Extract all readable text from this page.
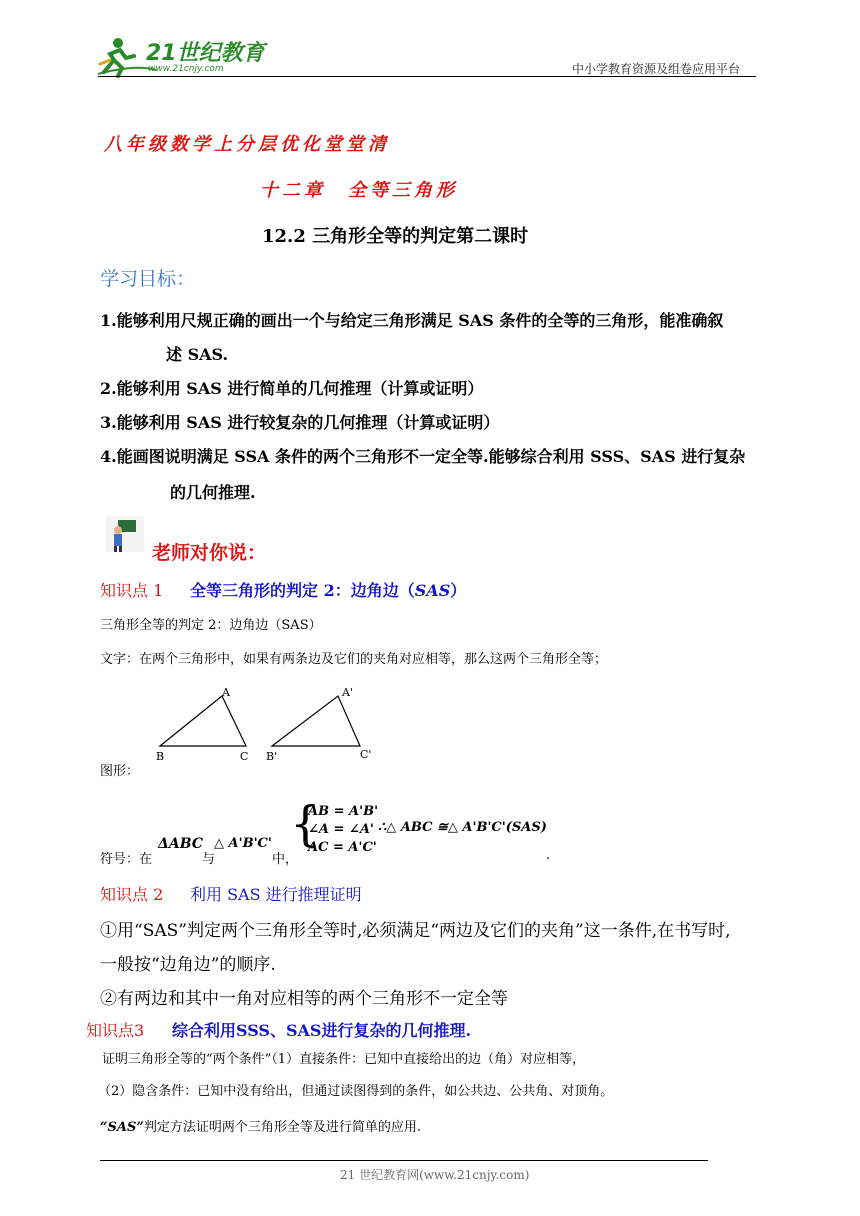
21世纪教育
www.21cnjy.com	中小学教育资源及组卷应用平台
八年级数学上分层优化堂堂清
十二章　全等三角形
12.2 三角形全等的判定第二课时
学习目标：
1.能够利用尺规正确的画出一个与给定三角形满足 SAS 条件的全等的三角形，能准确叙
述 SAS.
2.能够利用 SAS 进行简单的几何推理（计算或证明）
3.能够利用 SAS 进行较复杂的几何推理（计算或证明）
4.能画图说明满足 SSA 条件的两个三角形不一定全等.能够综合利用 SSS、SAS 进行复杂
的几何推理.
老师对你说：
知识点 1 全等三角形的判定 2：边角边（SAS）
三角形全等的判定 2：边角边（SAS）
文字：在两个三角形中，如果有两条边及它们的夹角对应相等，那么这两个三角形全等；
图形：
A
B	C
A'
B'	C'
符号：在
ΔABC
与
△ A'B'C'
中，
{
AB = A'B'
∠A = ∠A'
AC = A'C'
∴△ ABC ≅△ A'B'C'(SAS)
.
知识点 2 利用 SAS 进行推理证明
①用“SAS”判定两个三角形全等时,必须满足“两边及它们的夹角”这一条件,在书写时,
一般按“边角边”的顺序.
②有两边和其中一角对应相等的两个三角形不一定全等
知识点3 综合利用SSS、SAS进行复杂的几何推理.
证明三角形全等的“两个条件”（1）直接条件：已知中直接给出的边（角）对应相等，
（2）隐含条件：已知中没有给出，但通过读图得到的条件，如公共边、公共角、对顶角。
“SAS”判定方法证明两个三角形全等及进行简单的应用.
21 世纪教育网(www.21cnjy.com)
